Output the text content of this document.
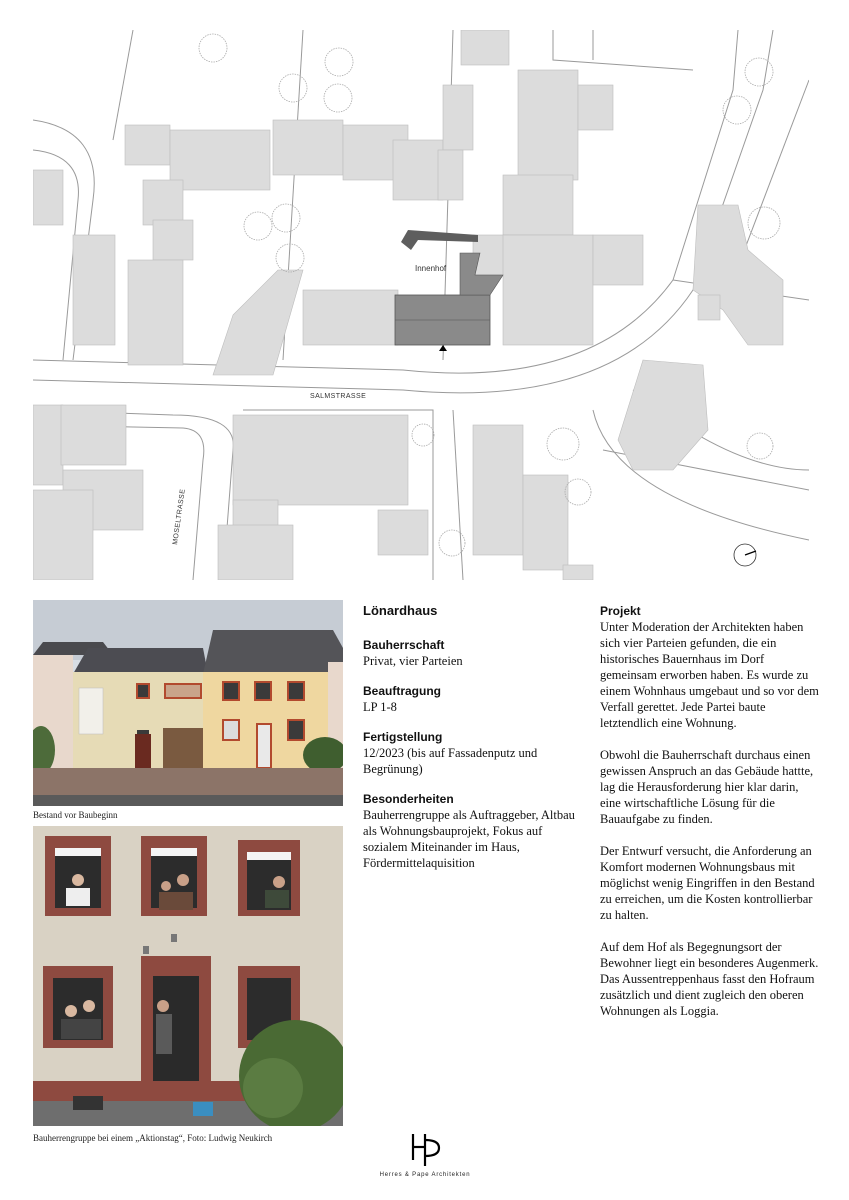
SALMSTRASSE
MOSELTRASSE
Innenhof
Bestand vor Baubeginn
Bauherrengruppe bei einem „Aktionstag“, Foto: Ludwig Neukirch

Lönardhaus

Bauherrschaft

Privat, vier Parteien

Beauftragung

LP 1-8

Fertigstellung

12/2023 (bis auf Fassadenputz und Begrünung)

Besonderheiten

Bauherrengruppe als Auftraggeber, Altbau als Wohnungsbauprojekt, Fokus auf sozialem Miteinander im Haus, Fördermittelaquisition

Projekt

Unter Moderation der Architekten haben sich vier Parteien gefunden, die ein historisches Bauernhaus im Dorf gemeinsam erworben haben. Es wurde zu einem Wohnhaus umgebaut und so vor dem Verfall gerettet. Jede Partei baute letztendlich eine Wohnung.

Obwohl die Bauherrschaft durchaus einen gewissen Anspruch an das Gebäude hattte, lag die Herausforderung hier klar darin, eine wirtschaftliche Lösung für die Bauaufgabe zu finden.

Der Entwurf versucht, die Anforderung an Komfort modernen Wohnungsbaus mit möglichst wenig Eingriffen in den Bestand zu erreichen, um die Kosten kontrollierbar zu halten.

Auf dem Hof als Begegnungsort der Bewohner liegt ein besonderes Augenmerk. Das Aussentreppenhaus fasst den Hofraum zusätzlich und dient zugleich den oberen Wohnungen als Loggia.

Herres & Pape Architekten
